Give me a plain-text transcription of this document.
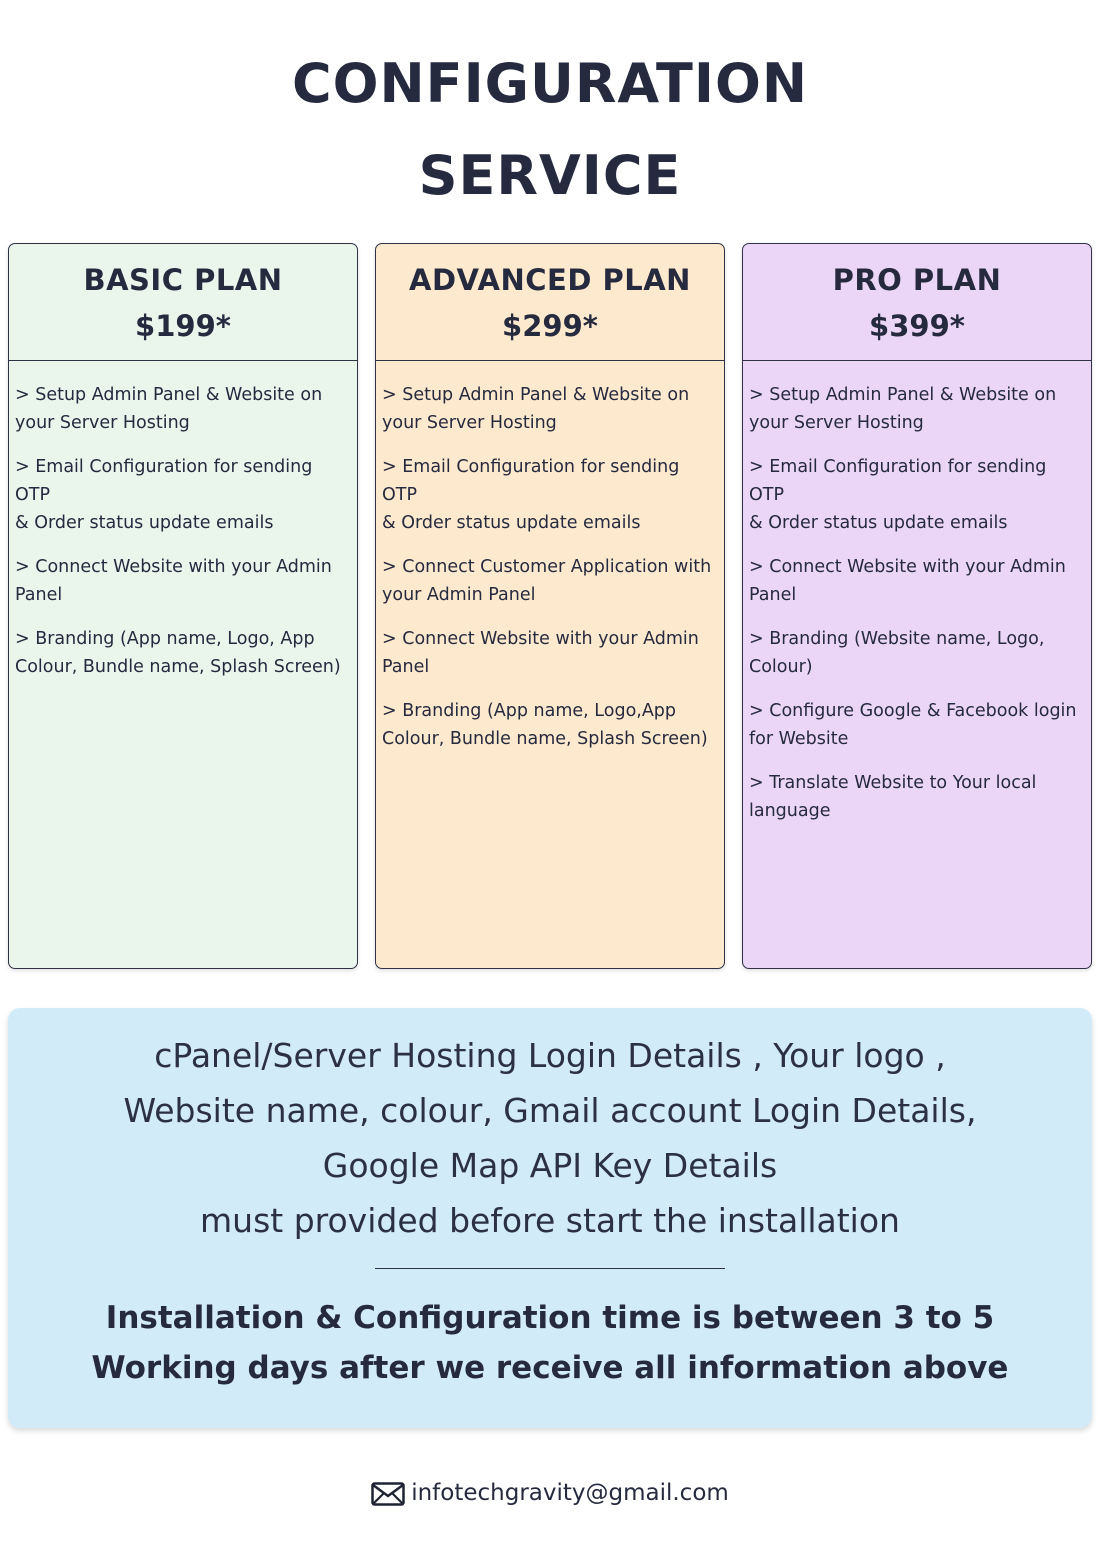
CONFIGURATION
SERVICE
BASIC PLAN
$199*
> Setup Admin Panel & Website on
your Server Hosting
> Email Configuration for sending OTP
& Order status update emails
> Connect Website with your Admin
Panel
> Branding (App name, Logo, App
Colour, Bundle name, Splash Screen)
ADVANCED PLAN
$299*
> Setup Admin Panel & Website on
your Server Hosting
> Email Configuration for sending OTP
& Order status update emails
> Connect Customer Application with
your Admin Panel
> Connect Website with your Admin
Panel
> Branding (App name, Logo,App
Colour, Bundle name, Splash Screen)
PRO PLAN
$399*
> Setup Admin Panel & Website on
your Server Hosting
> Email Configuration for sending OTP
& Order status update emails
> Connect Website with your Admin
Panel
> Branding (Website name, Logo,
Colour)
> Configure Google & Facebook login
for Website
> Translate Website to Your local
language
cPanel/Server Hosting Login Details , Your logo ,
Website name, colour, Gmail account Login Details,
Google Map API Key Details
must provided before start the installation
Installation & Configuration time is between 3 to 5
Working days after we receive all information above
infotechgravity@gmail.com
